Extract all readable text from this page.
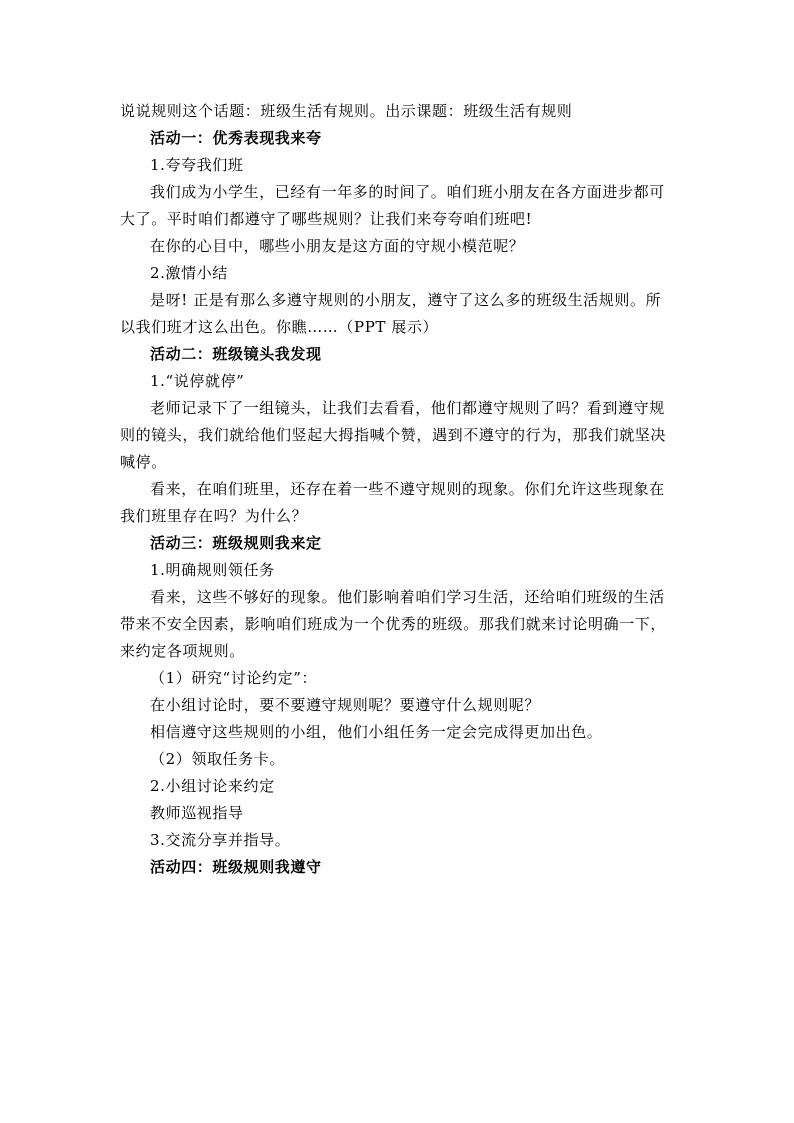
说说规则这个话题：班级生活有规则。出示课题：班级生活有规则
活动一：优秀表现我来夸
1.夸夸我们班
我们成为小学生，已经有一年多的时间了。咱们班小朋友在各方面进步都可
大了。平时咱们都遵守了哪些规则？让我们来夸夸咱们班吧!
在你的心目中，哪些小朋友是这方面的守规小模范呢？
2.激情小结
是呀! 正是有那么多遵守规则的小朋友，遵守了这么多的班级生活规则。所
以我们班才这么出色。你瞧……（PPT 展示）
活动二：班级镜头我发现
1.“说停就停”
老师记录下了一组镜头，让我们去看看，他们都遵守规则了吗？看到遵守规
则的镜头，我们就给他们竖起大拇指喊个赞，遇到不遵守的行为，那我们就坚决
喊停。
看来，在咱们班里，还存在着一些不遵守规则的现象。你们允许这些现象在
我们班里存在吗？为什么？
活动三：班级规则我来定
1.明确规则领任务
看来，这些不够好的现象。他们影响着咱们学习生活，还给咱们班级的生活
带来不安全因素，影响咱们班成为一个优秀的班级。那我们就来讨论明确一下，
来约定各项规则。
（1）研究“讨论约定”：
在小组讨论时，要不要遵守规则呢？要遵守什么规则呢？
相信遵守这些规则的小组，他们小组任务一定会完成得更加出色。
（2）领取任务卡。
2.小组讨论来约定
教师巡视指导
3.交流分享并指导。
活动四：班级规则我遵守
